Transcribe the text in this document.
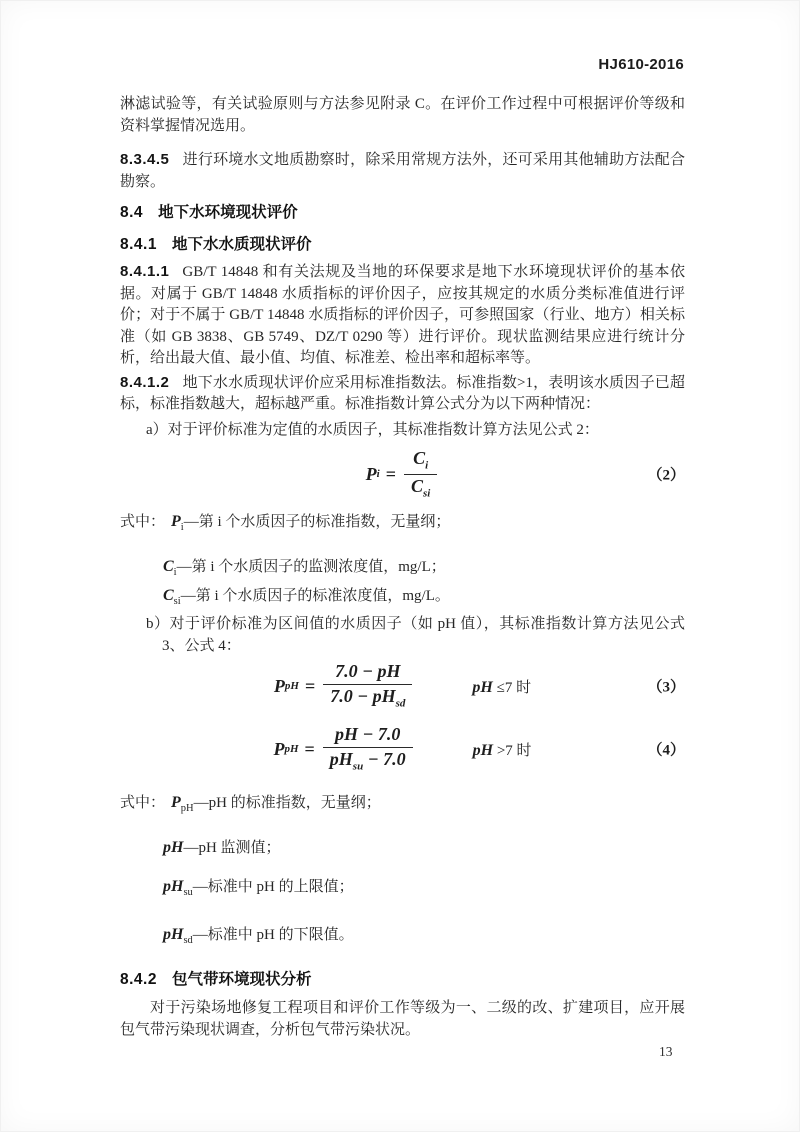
HJ610-2016

淋滤试验等，有关试验原则与方法参见附录 C。在评价工作过程中可根据评价等级和资料掌握情况选用。

8.3.4.5 进行环境水文地质勘察时，除采用常规方法外，还可采用其他辅助方法配合勘察。

8.4 地下水环境现状评价
8.4.1 地下水水质现状评价

8.4.1.1 GB/T 14848 和有关法规及当地的环保要求是地下水环境现状评价的基本依据。对属于 GB/T 14848 水质指标的评价因子，应按其规定的水质分类标准值进行评价；对于不属于 GB/T 14848 水质指标的评价因子，可参照国家（行业、地方）相关标准（如 GB 3838、GB 5749、DZ/T 0290 等）进行评价。现状监测结果应进行统计分析，给出最大值、最小值、均值、标准差、检出率和超标率等。

8.4.1.2 地下水水质现状评价应采用标准指数法。标准指数>1，表明该水质因子已超标，标准指数越大，超标越严重。标准指数计算公式分为以下两种情况：

a）对于评价标准为定值的水质因子，其标准指数计算方法见公式 2：

P $i = \frac{C_i}{C_{si}}$	（2）

式中： $P_i—$第 i 个水质因子的标准指数，无量纲；

$C_i—$第 i 个水质因子的监测浓度值，mg/L；

$C_{si}—$第 i 个水质因子的标准浓度值，mg/L。

b）对于评价标准为区间值的水质因子（如 pH 值），其标准指数计算方法见公式 3、公式 4：

P pH = $\frac{7.0 - pH}{7.0 - pH_{sd}}$	pH ≤7 时	（3）
P pH = $\frac{pH - 7.0}{pH_{su} - 7.0}$	pH >7 时	（4）

式中： $P_{pH}—pH$ 的标准指数，无量纲；

pH—pH 监测值；

$pH_{su}—$标准中 pH 的上限值；

$pH_{sd}—$标准中 pH 的下限值。

8.4.2 包气带环境现状分析

对于污染场地修复工程项目和评价工作等级为一、二级的改、扩建项目，应开展包气带污染现状调查，分析包气带污染状况。

13
